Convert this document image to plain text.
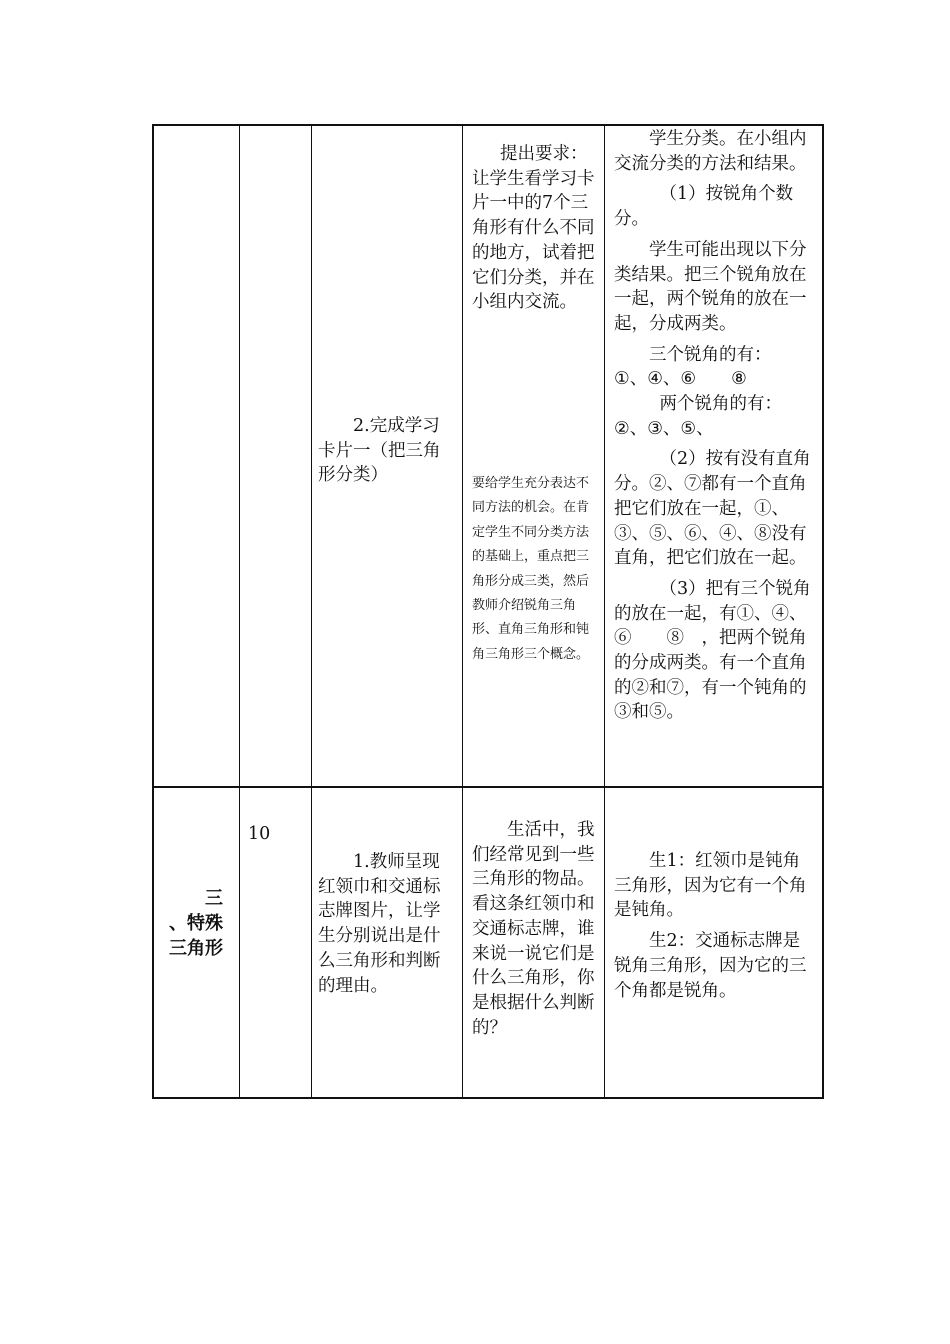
2.完成学习卡片一（把三角形分类）

提出要求：让学生看学习卡片一中的7个三角形有什么不同的地方，试着把它们分类，并在小组内交流。

要给学生充分表达不同方法的机会。在肯定学生不同分类方法的基础上，重点把三角形分成三类，然后教师介绍锐角三角形、直角三角形和钝角三角形三个概念。

学生分类。在小组内交流分类的方法和结果。

（1）按锐角个数分。

学生可能出现以下分类结果。把三个锐角放在一起，两个锐角的放在一起，分成两类。

三个锐角的有：

①、④、⑥　　⑧

两个锐角的有：

②、③、⑤、

（2）按有没有直角分。②、⑦都有一个直角把它们放在一起，①、③、⑤、⑥、④、⑧没有直角，把它们放在一起。

（3）把有三个锐角的放在一起，有①、④、⑥　　⑧　，把两个锐角的分成两类。有一个直角的②和⑦，有一个钝角的③和⑤。

三

、特殊

三角形

10

1.教师呈现红领巾和交通标志牌图片，让学生分别说出是什么三角形和判断的理由。

生活中，我们经常见到一些三角形的物品。看这条红领巾和交通标志牌，谁来说一说它们是什么三角形，你是根据什么判断的？

生1：红领巾是钝角三角形，因为它有一个角是钝角。

生2：交通标志牌是锐角三角形，因为它的三个角都是锐角。
